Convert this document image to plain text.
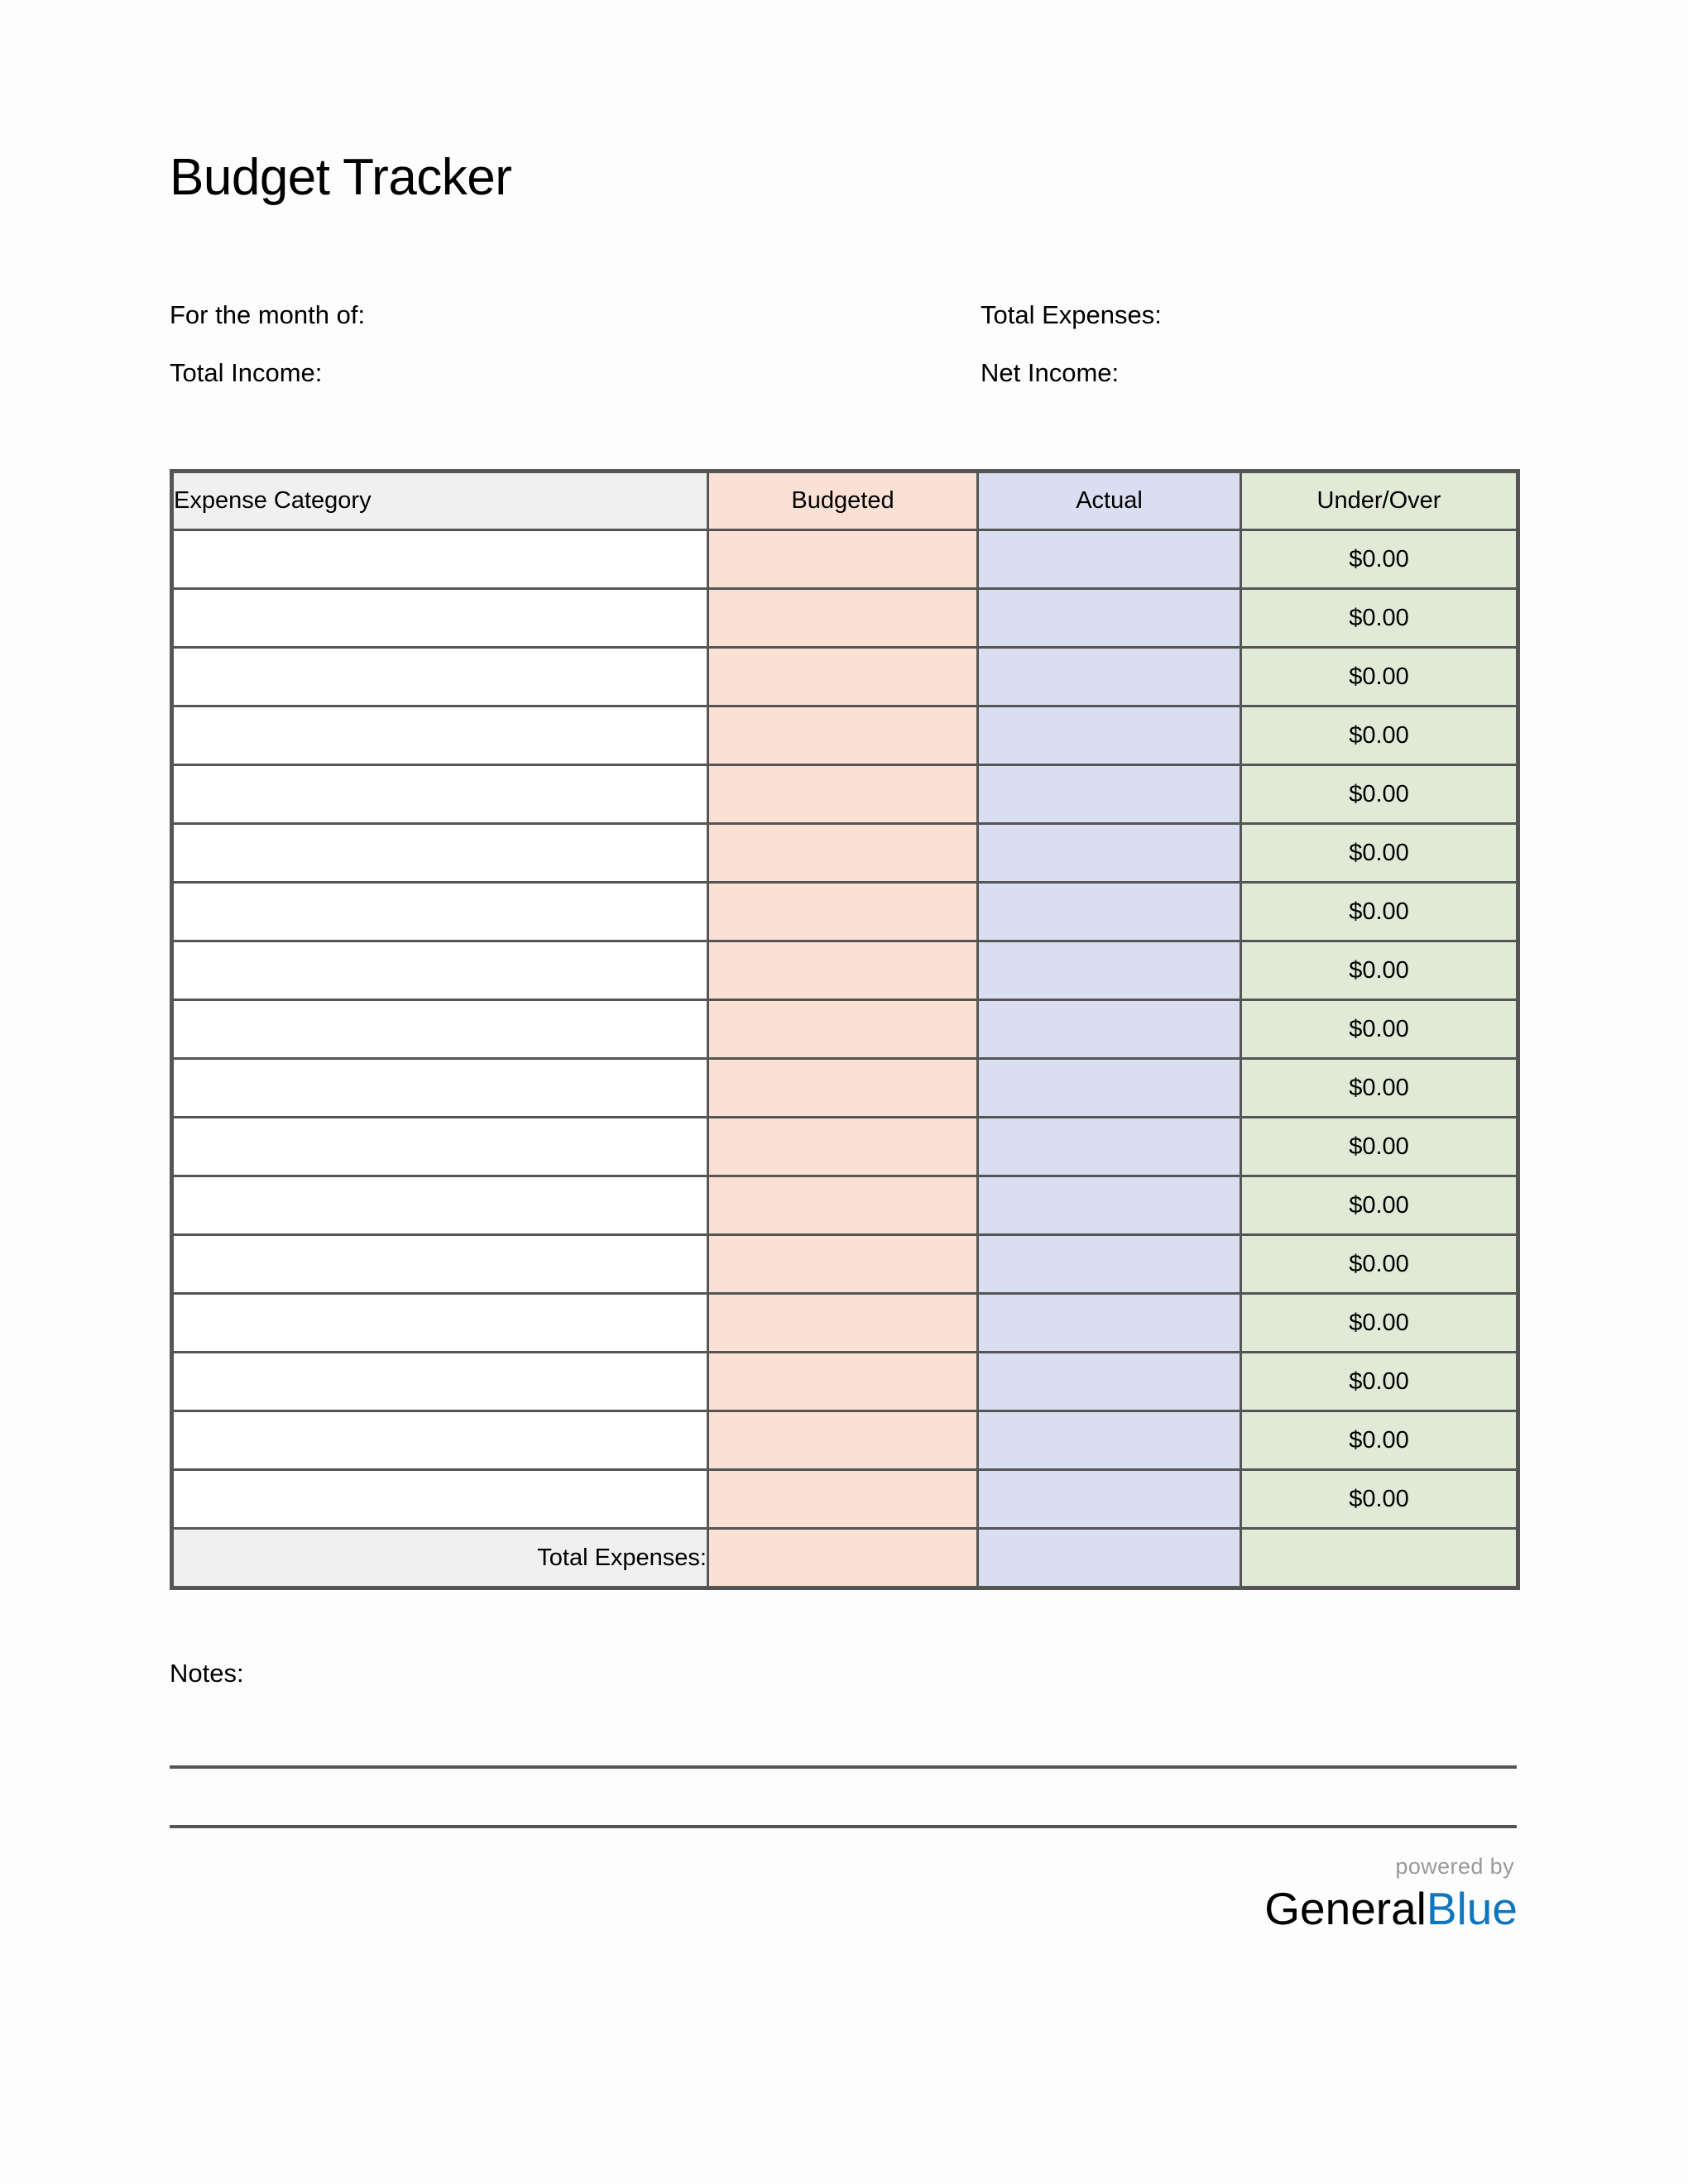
Budget Tracker
For the month of:
Total Income:
Total Expenses:
Net Income:
Expense Category	Budgeted	Actual	Under/Over
			$0.00
			$0.00
			$0.00
			$0.00
			$0.00
			$0.00
			$0.00
			$0.00
			$0.00
			$0.00
			$0.00
			$0.00
			$0.00
			$0.00
			$0.00
			$0.00
			$0.00
Total Expenses:			
Notes:
powered by
GeneralBlue
